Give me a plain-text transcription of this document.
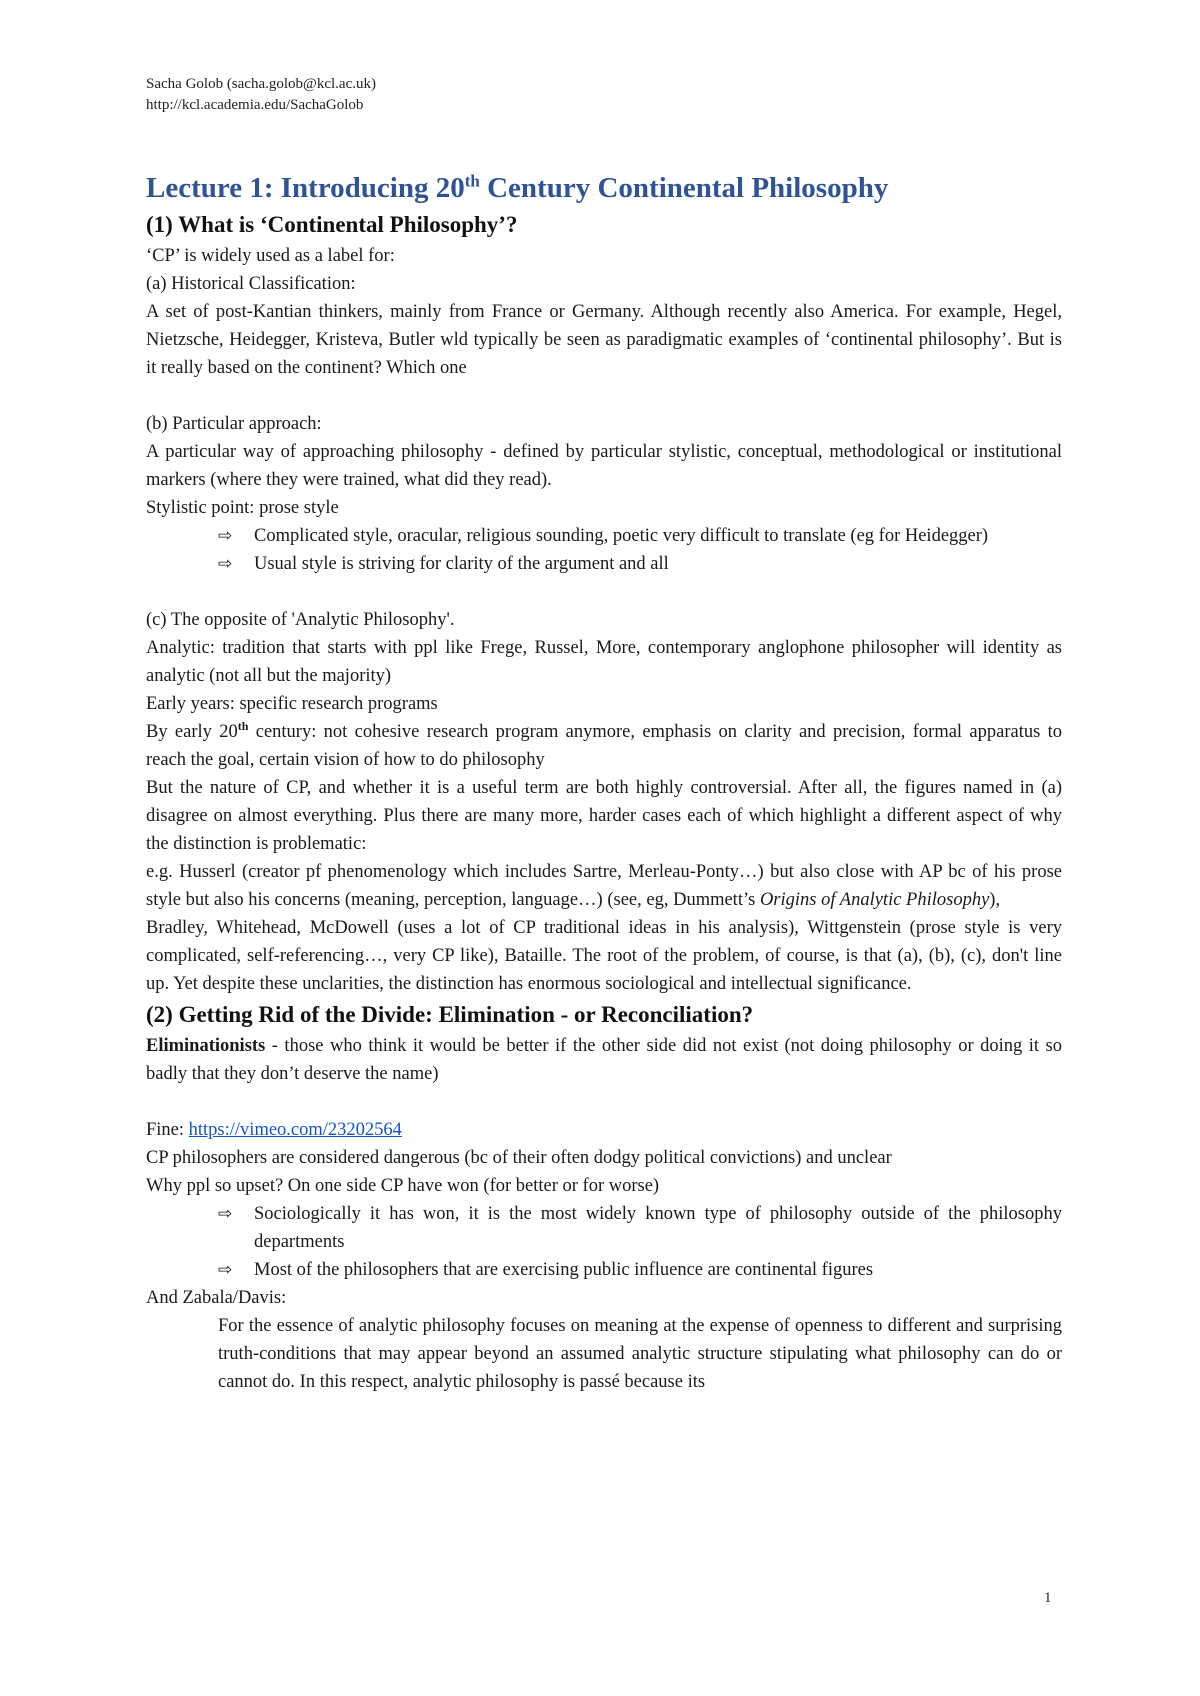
Sacha Golob (sacha.golob@kcl.ac.uk)
http://kcl.academia.edu/SachaGolob
Lecture 1: Introducing 20th Century Continental Philosophy
(1) What is ‘Continental Philosophy’?

‘CP’ is widely used as a label for:

(a) Historical Classification:

A set of post-Kantian thinkers, mainly from France or Germany. Although recently also America. For example, Hegel, Nietzsche, Heidegger, Kristeva, Butler wld typically be seen as paradigmatic examples of ‘continental philosophy’. But is it really based on the continent? Which one

(b) Particular approach:

A particular way of approaching philosophy - defined by particular stylistic, conceptual, methodological or institutional markers (where they were trained, what did they read).

Stylistic point: prose style

⇨	Complicated style, oracular, religious sounding, poetic very difficult to translate (eg for Heidegger)
⇨	Usual style is striving for clarity of the argument and all

(c) The opposite of 'Analytic Philosophy'.

Analytic: tradition that starts with ppl like Frege, Russel, More, contemporary anglophone philosopher will identity as analytic (not all but the majority)

Early years: specific research programs

By early 20th century: not cohesive research program anymore, emphasis on clarity and precision, formal apparatus to reach the goal, certain vision of how to do philosophy

But the nature of CP, and whether it is a useful term are both highly controversial. After all, the figures named in (a) disagree on almost everything. Plus there are many more, harder cases each of which highlight a different aspect of why the distinction is problematic:

e.g. Husserl (creator pf phenomenology which includes Sartre, Merleau-Ponty…) but also close with AP bc of his prose style but also his concerns (meaning, perception, language…) (see, eg, Dummett’s Origins of Analytic Philosophy),

Bradley, Whitehead, McDowell (uses a lot of CP traditional ideas in his analysis), Wittgenstein (prose style is very complicated, self-referencing…, very CP like), Bataille. The root of the problem, of course, is that (a), (b), (c), don't line up. Yet despite these unclarities, the distinction has enormous sociological and intellectual significance.

(2) Getting Rid of the Divide: Elimination - or Reconciliation?

Eliminationists - those who think it would be better if the other side did not exist (not doing philosophy or doing it so badly that they don’t deserve the name)

Fine: https://vimeo.com/23202564

CP philosophers are considered dangerous (bc of their often dodgy political convictions) and unclear

Why ppl so upset? On one side CP have won (for better or for worse)

⇨	Sociologically it has won, it is the most widely known type of philosophy outside of the philosophy departments
⇨	Most of the philosophers that are exercising public influence are continental figures

And Zabala/Davis:

For the essence of analytic philosophy focuses on meaning at the expense of openness to different and surprising truth-conditions that may appear beyond an assumed analytic structure stipulating what philosophy can do or cannot do. In this respect, analytic philosophy is passé because its

1
